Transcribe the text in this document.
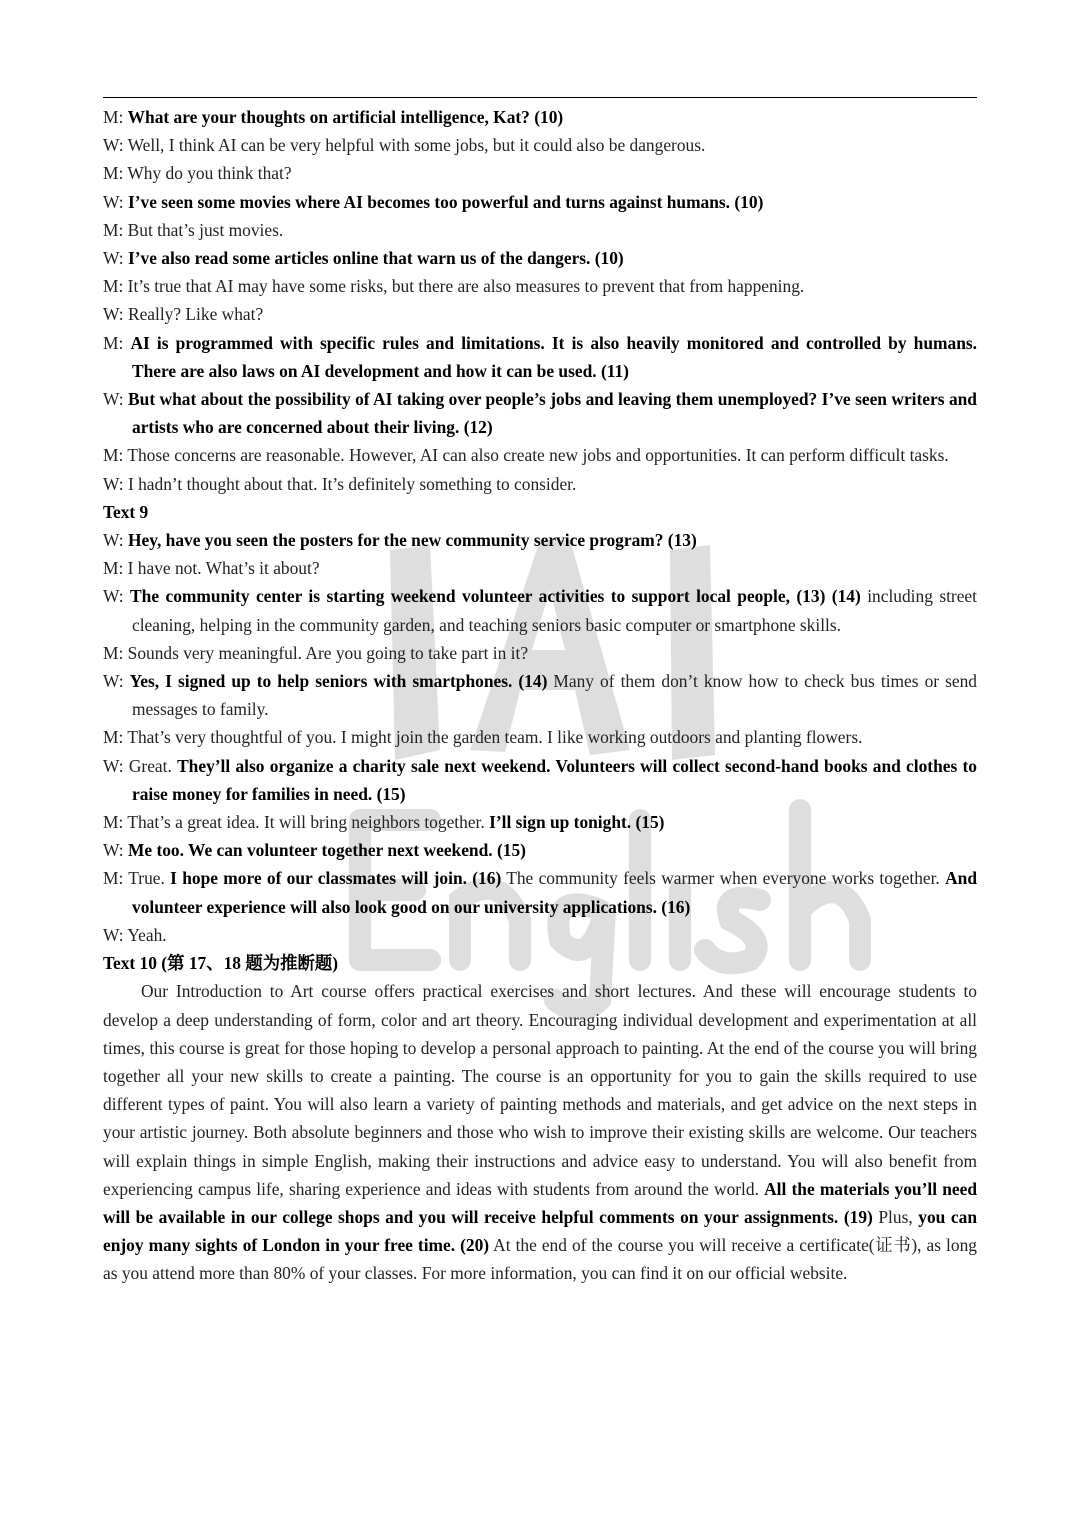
M: What are your thoughts on artificial intelligence, Kat? (10)

W: Well, I think AI can be very helpful with some jobs, but it could also be dangerous.

M: Why do you think that?

W: I’ve seen some movies where AI becomes too powerful and turns against humans. (10)

M: But that’s just movies.

W: I’ve also read some articles online that warn us of the dangers. (10)

M: It’s true that AI may have some risks, but there are also measures to prevent that from happening.

W: Really? Like what?

M: AI is programmed with specific rules and limitations. It is also heavily monitored and controlled by humans. There are also laws on AI development and how it can be used. (11)

W: But what about the possibility of AI taking over people’s jobs and leaving them unemployed? I’ve seen writers and artists who are concerned about their living. (12)

M: Those concerns are reasonable. However, AI can also create new jobs and opportunities. It can perform difficult tasks.

W: I hadn’t thought about that. It’s definitely something to consider.

Text 9

W: Hey, have you seen the posters for the new community service program? (13)

M: I have not. What’s it about?

W: The community center is starting weekend volunteer activities to support local people, (13) (14) including street cleaning, helping in the community garden, and teaching seniors basic computer or smartphone skills.

M: Sounds very meaningful. Are you going to take part in it?

W: Yes, I signed up to help seniors with smartphones. (14) Many of them don’t know how to check bus times or send messages to family.

M: That’s very thoughtful of you. I might join the garden team. I like working outdoors and planting flowers.

W: Great. They’ll also organize a charity sale next weekend. Volunteers will collect second-hand books and clothes to raise money for families in need. (15)

M: That’s a great idea. It will bring neighbors together. I’ll sign up tonight. (15)

W: Me too. We can volunteer together next weekend. (15)

M: True. I hope more of our classmates will join. (16) The community feels warmer when everyone works together. And volunteer experience will also look good on our university applications. (16)

W: Yeah.

Text 10 (第 17、18 题为推断题)

Our Introduction to Art course offers practical exercises and short lectures. And these will encourage students to develop a deep understanding of form, color and art theory. Encouraging individual development and experimentation at all times, this course is great for those hoping to develop a personal approach to painting. At the end of the course you will bring together all your new skills to create a painting. The course is an opportunity for you to gain the skills required to use different types of paint. You will also learn a variety of painting methods and materials, and get advice on the next steps in your artistic journey. Both absolute beginners and those who wish to improve their existing skills are welcome. Our teachers will explain things in simple English, making their instructions and advice easy to understand. You will also benefit from experiencing campus life, sharing experience and ideas with students from around the world. All the materials you’ll need will be available in our college shops and you will receive helpful comments on your assignments. (19) Plus, you can enjoy many sights of London in your free time. (20) At the end of the course you will receive a certificate(证书), as long as you attend more than 80% of your classes. For more information, you can find it on our official website.
